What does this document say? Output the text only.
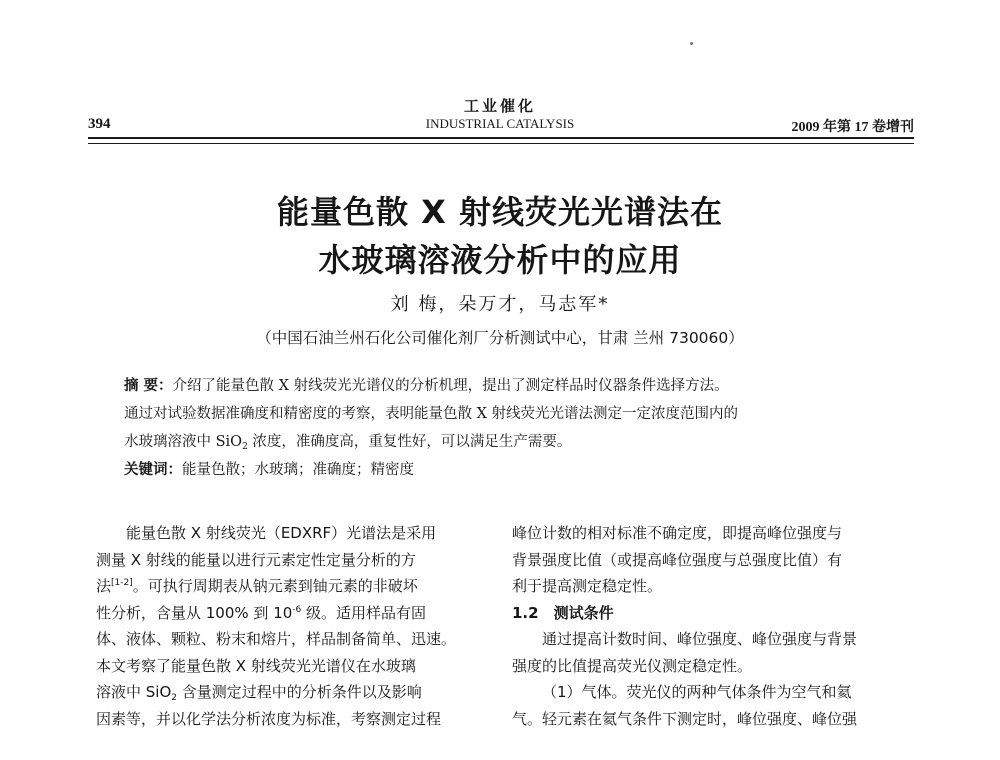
394
工业催化
INDUSTRIAL CATALYSIS	2009 年第 17 卷增刊
能量色散 X 射线荧光光谱法在
水玻璃溶液分析中的应用
刘 梅，朵万才，马志军*
（中国石油兰州石化公司催化剂厂分析测试中心，甘肃 兰州 730060）
摘 要：介绍了能量色散 X 射线荧光光谱仪的分析机理，提出了测定样品时仪器条件选择方法。
通过对试验数据准确度和精密度的考察，表明能量色散 X 射线荧光光谱法测定一定浓度范围内的
水玻璃溶液中 SiO$_2$ 浓度，准确度高，重复性好，可以满足生产需要。
关键词：能量色散；水玻璃；准确度；精密度
能量色散 X 射线荧光（EDXRF）光谱法是采用
测量 X 射线的能量以进行元素定性定量分析的方
法[1-2]。可执行周期表从钠元素到铀元素的非破坏
性分析，含量从 100% 到 $10^{-6}$ 级。适用样品有固
体、液体、颗粒、粉末和熔片，样品制备简单、迅速。
本文考察了能量色散 X 射线荧光光谱仪在水玻璃
溶液中 SiO$_2$ 含量测定过程中的分析条件以及影响
因素等，并以化学法分析浓度为标准，考察测定过程
峰位计数的相对标准不确定度，即提高峰位强度与
背景强度比值（或提高峰位强度与总强度比值）有
利于提高测定稳定性。
1.2　测试条件
通过提高计数时间、峰位强度、峰位强度与背景
强度的比值提高荧光仪测定稳定性。
（1）气体。荧光仪的两种气体条件为空气和氦
气。轻元素在氦气条件下测定时，峰位强度、峰位强
